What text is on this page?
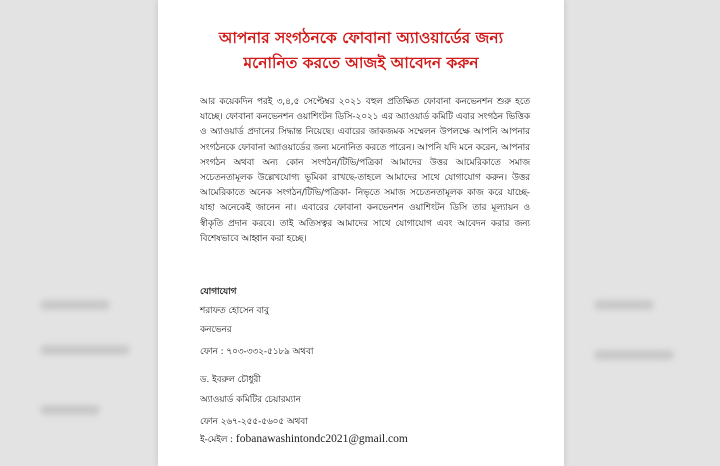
আপনার সংগঠনকে ফোবানা অ্যাওয়ার্ডের জন্য
মনোনিত করতে আজই আবেদন করুন
আর কয়েকদিন পরই ৩,৪,৫ সেপ্টেম্বর ২০২১ বহুল প্রতিক্ষিত ফোবানা কনভেনশন শুরু হতে যাচ্ছে। ফোবানা কনভেনশন ওয়াশিংটন ডিসি-২০২১ এর অ্যাওয়ার্ড কমিটি এবার সংগঠন ভিত্তিক ও অ্যাওয়ার্ড প্রদানের সিদ্ধান্ত নিয়েছে। এবারের জাকজমক সম্মেলন উপলক্ষে আপনি আপনার সংগঠনকে ফোবানা অ্যাওয়ার্ডের জন্য মনোনিত করতে পারেন। আপনি যদি মনে করেন, আপনার সংগঠন অথবা অন্য কোন সংগঠন/টিভি/পত্রিকা আমাদের উত্তর আমেরিকাতে সমাজ সচেতনতামূলক উল্লেখযোগ্য ভূমিকা রাখছে-তাহলে আমাদের সাথে যোগাযোগ করুন। উত্তর আমেরিকাতে অনেক সংগঠন/টিভি/পত্রিকা- নিভৃতে সমাজ সচেতনতামূলক কাজ করে যাচ্ছে- যাহা অনেকেই জানেন না। এবারের ফোবানা কনভেনশন ওয়াশিংটন ডিসি তার মূল্যায়ন ও স্বীকৃতি প্রদান করবে। তাই অতিসত্বর আমাদের সাথে যোগাযোগ এবং আবেদন করার জন্য বিশেষভাবে আহ্বান করা হচ্ছে।
যোগাযোগ
শরাফত হোসেন বাবু
কনভেনর
ফোন : ৭০৩-৩৩২-৫১৮৯ অথবা
ড. ইবরুল চৌধুরী
অ্যাওয়ার্ড কমিটির চেয়ারম্যান
ফোন ২৬৭-২৫৫-৫৬০৫ অথবা
ই-মেইল : fobanawashintondc2021@gmail.com
